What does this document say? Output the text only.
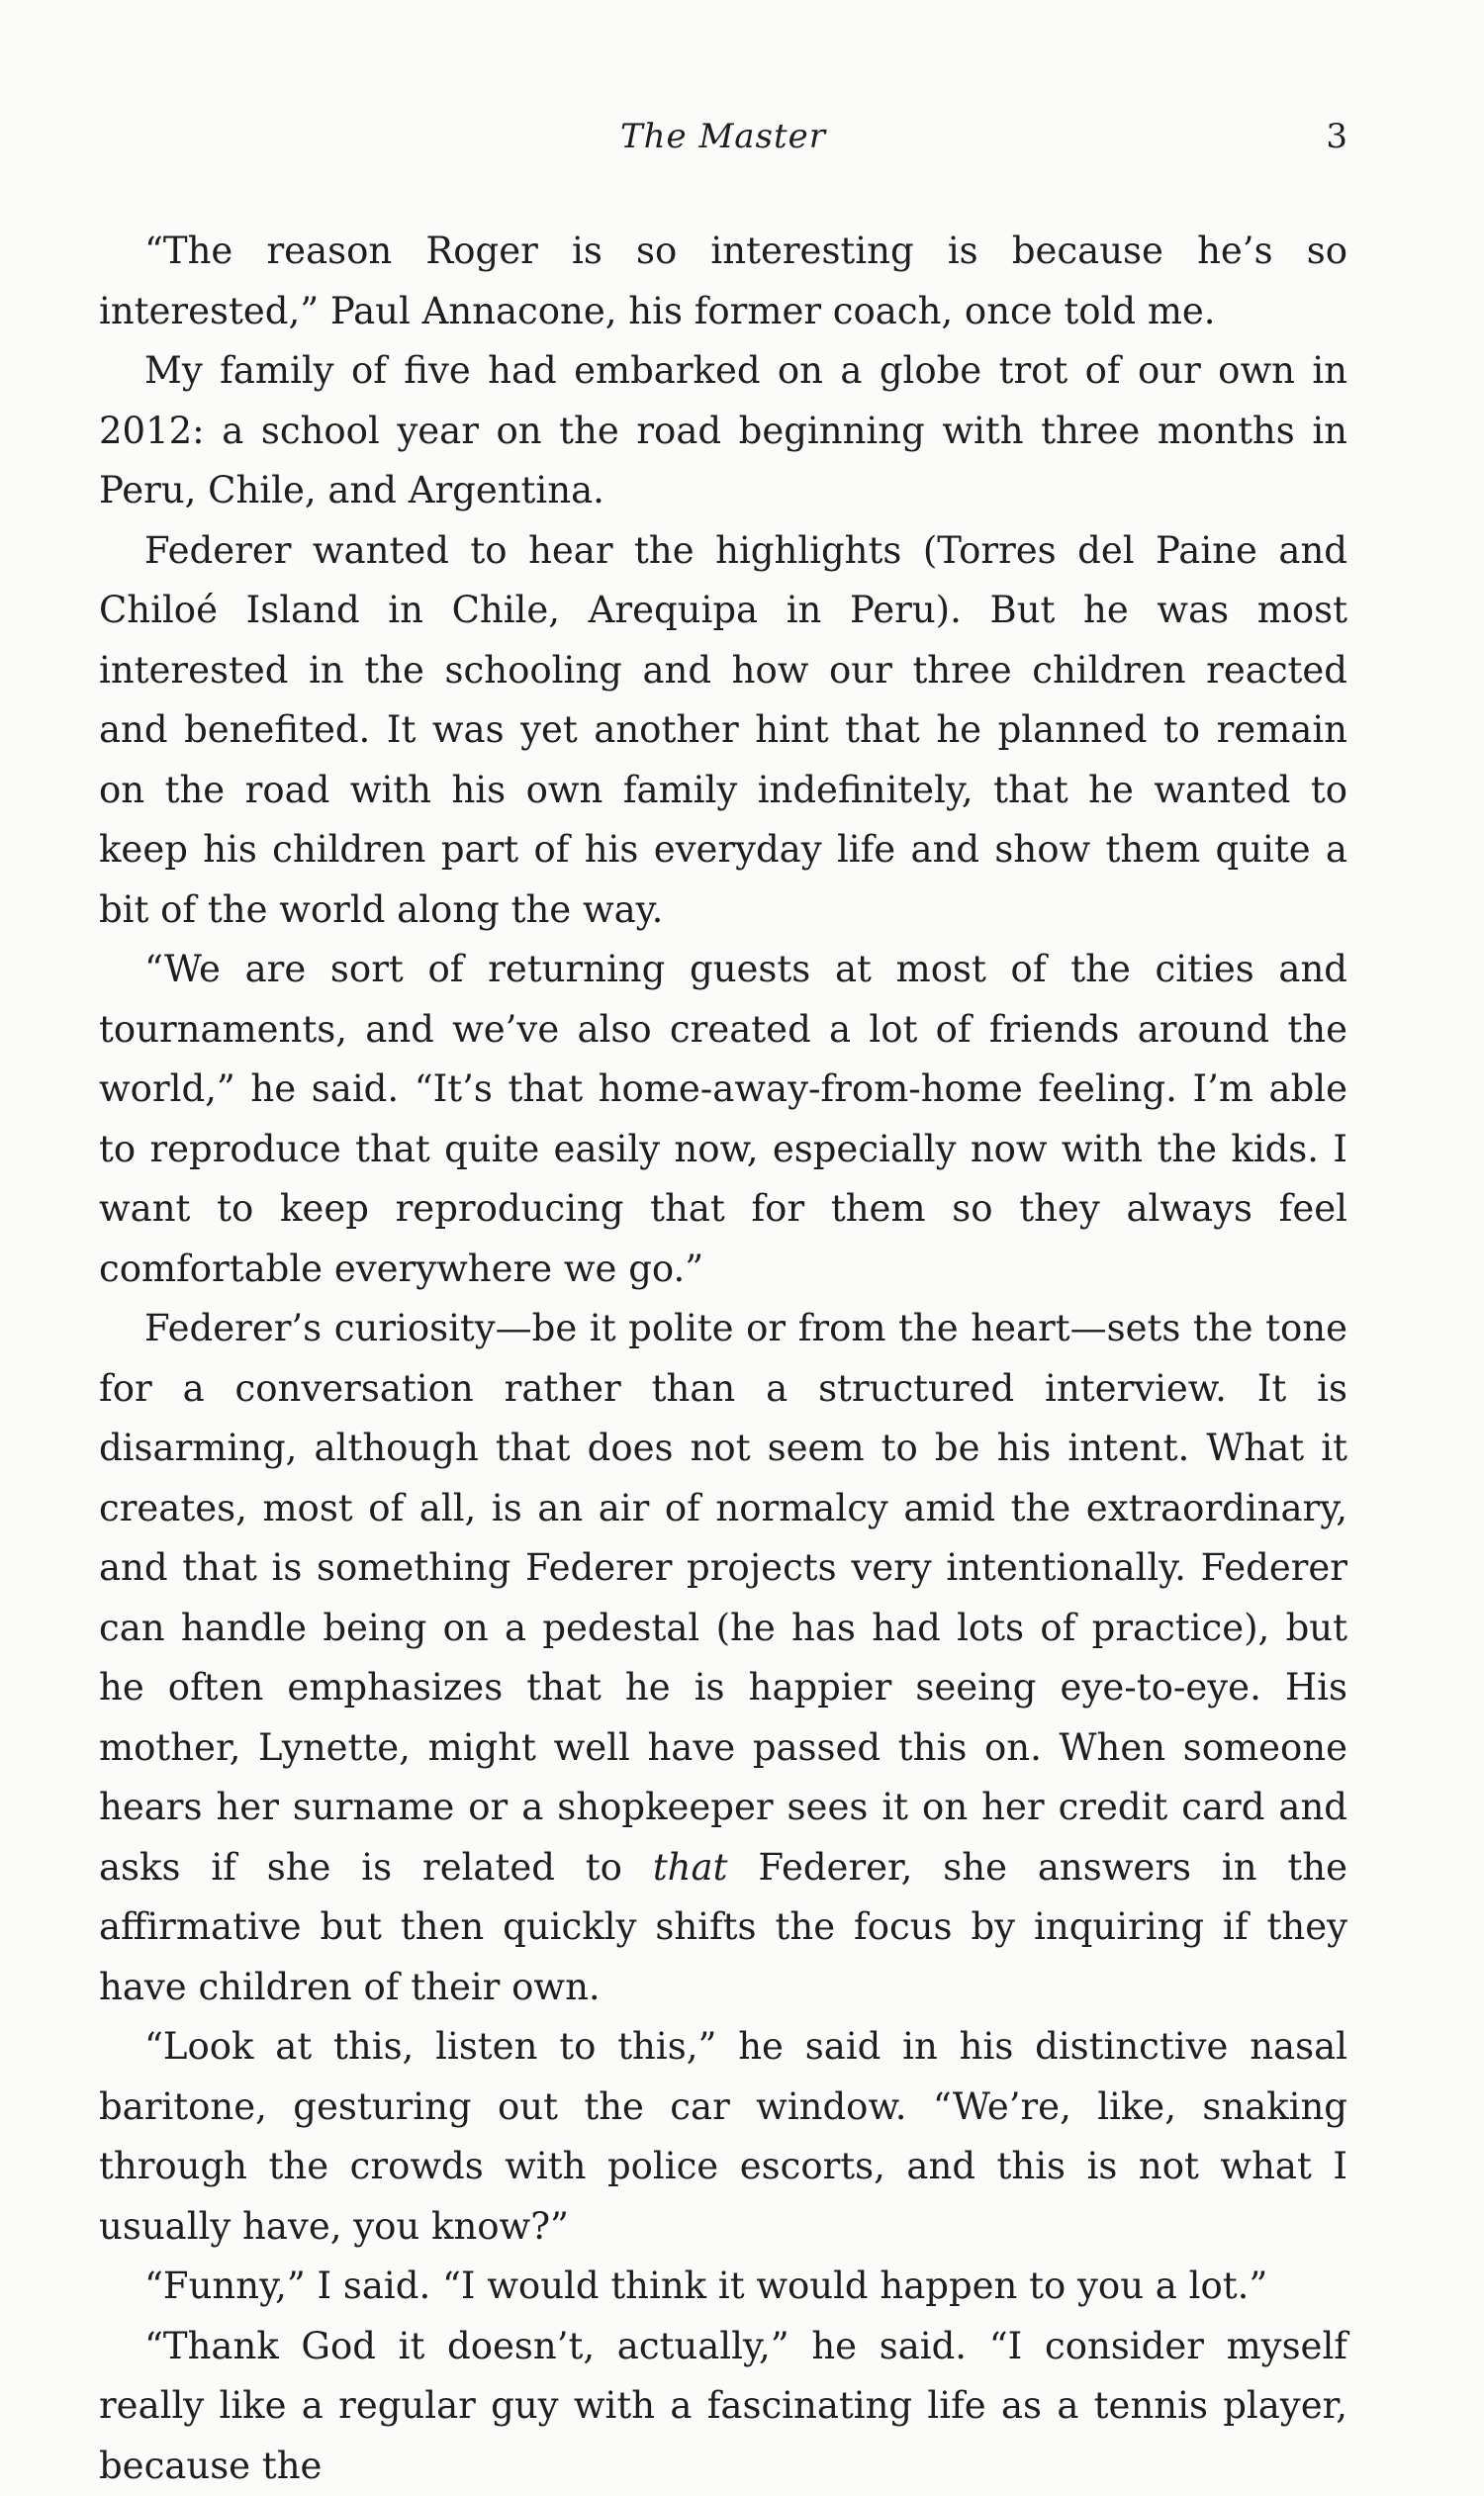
The Master	3

“The reason Roger is so interesting is because he’s so interested,” Paul Annacone, his former coach, once told me.

My family of five had embarked on a globe trot of our own in 2012: a school year on the road beginning with three months in Peru, Chile, and Argentina.

Federer wanted to hear the highlights (Torres del Paine and Chiloé Island in Chile, Arequipa in Peru). But he was most interested in the schooling and how our three children reacted and benefited. It was yet another hint that he planned to remain on the road with his own family indefinitely, that he wanted to keep his children part of his everyday life and show them quite a bit of the world along the way.

“We are sort of returning guests at most of the cities and tournaments, and we’ve also created a lot of friends around the world,” he said. “It’s that home-away-from-home feeling. I’m able to reproduce that quite easily now, especially now with the kids. I want to keep reproducing that for them so they always feel comfortable everywhere we go.”

Federer’s curiosity—be it polite or from the heart—sets the tone for a conversation rather than a structured interview. It is disarming, although that does not seem to be his intent. What it creates, most of all, is an air of normalcy amid the extraordinary, and that is something Federer projects very intentionally. Federer can handle being on a pedestal (he has had lots of practice), but he often emphasizes that he is happier seeing eye-to-eye. His mother, Lynette, might well have passed this on. When someone hears her surname or a shopkeeper sees it on her credit card and asks if she is related to that Federer, she answers in the affirmative but then quickly shifts the focus by inquiring if they have children of their own.

“Look at this, listen to this,” he said in his distinctive nasal baritone, gesturing out the car window. “We’re, like, snaking through the crowds with police escorts, and this is not what I usually have, you know?”

“Funny,” I said. “I would think it would happen to you a lot.”

“Thank God it doesn’t, actually,” he said. “I consider myself really like a regular guy with a fascinating life as a tennis player, because the
